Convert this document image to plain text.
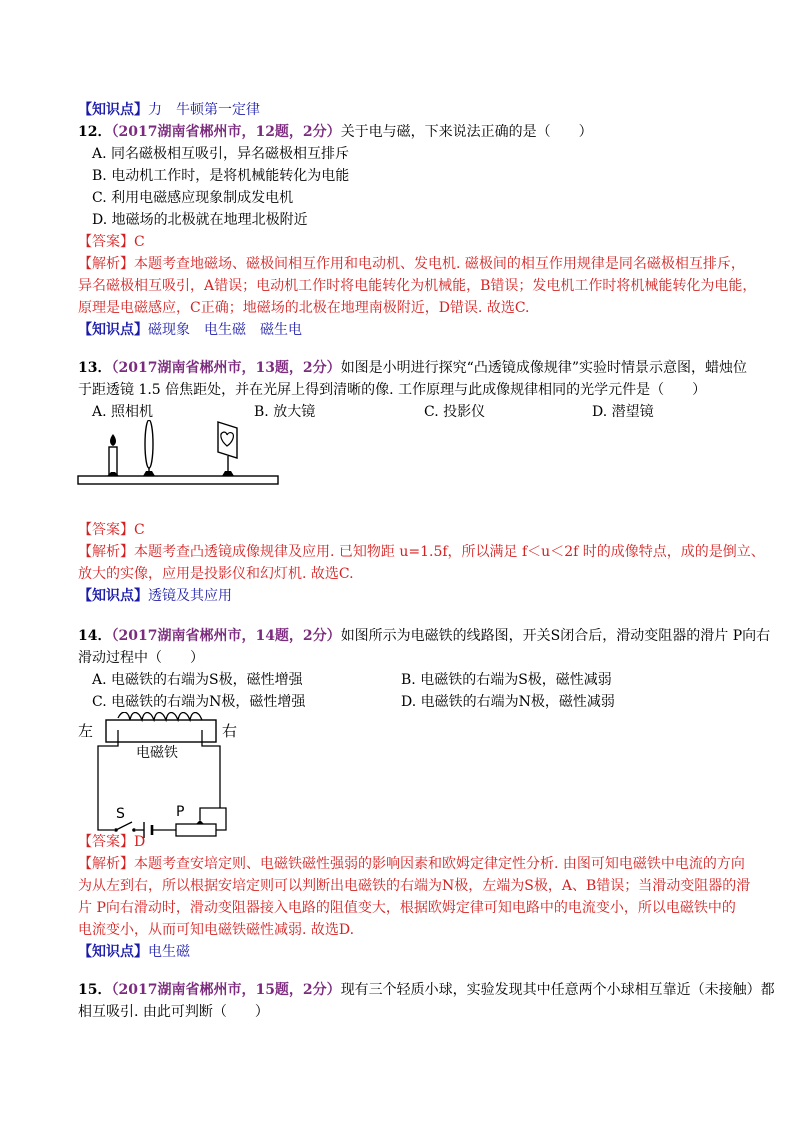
【知识点】力　牛顿第一定律
12．（2017湖南省郴州市，12题，2分）关于电与磁，下来说法正确的是（　　）
A. 同名磁极相互吸引，异名磁极相互排斥
B. 电动机工作时，是将机械能转化为电能
C. 利用电磁感应现象制成发电机
D. 地磁场的北极就在地理北极附近
【答案】C
【解析】本题考查地磁场、磁极间相互作用和电动机、发电机. 磁极间的相互作用规律是同名磁极相互排斥，
异名磁极相互吸引，A错误；电动机工作时将电能转化为机械能，B错误；发电机工作时将机械能转化为电能，
原理是电磁感应，C正确；地磁场的北极在地理南极附近，D错误. 故选C.
【知识点】磁现象　电生磁　磁生电
13．（2017湖南省郴州市，13题，2分）如图是小明进行探究“凸透镜成像规律”实验时情景示意图，蜡烛位
于距透镜 1.5 倍焦距处，并在光屏上得到清晰的像. 工作原理与此成像规律相同的光学元件是（　　）
A. 照相机	B. 放大镜	C. 投影仪	D. 潜望镜
【答案】C
【解析】本题考查凸透镜成像规律及应用. 已知物距 u=1.5f，所以满足 f＜u＜2f 时的成像特点，成的是倒立、
放大的实像，应用是投影仪和幻灯机. 故选C.
【知识点】透镜及其应用
14．（2017湖南省郴州市，14题，2分）如图所示为电磁铁的线路图，开关S闭合后，滑动变阻器的滑片 P向右
滑动过程中（　　）
A. 电磁铁的右端为S极，磁性增强	B. 电磁铁的右端为S极，磁性减弱
C. 电磁铁的右端为N极，磁性增强	D. 电磁铁的右端为N极，磁性减弱
左	右
电磁铁
S	P
【答案】D
【解析】本题考查安培定则、电磁铁磁性强弱的影响因素和欧姆定律定性分析. 由图可知电磁铁中电流的方向
为从左到右，所以根据安培定则可以判断出电磁铁的右端为N极，左端为S极，A、B错误；当滑动变阻器的滑
片 P向右滑动时，滑动变阻器接入电路的阻值变大，根据欧姆定律可知电路中的电流变小，所以电磁铁中的
电流变小，从而可知电磁铁磁性减弱. 故选D.
【知识点】电生磁
15．（2017湖南省郴州市，15题，2分）现有三个轻质小球，实验发现其中任意两个小球相互靠近（未接触）都
相互吸引. 由此可判断（　　）
